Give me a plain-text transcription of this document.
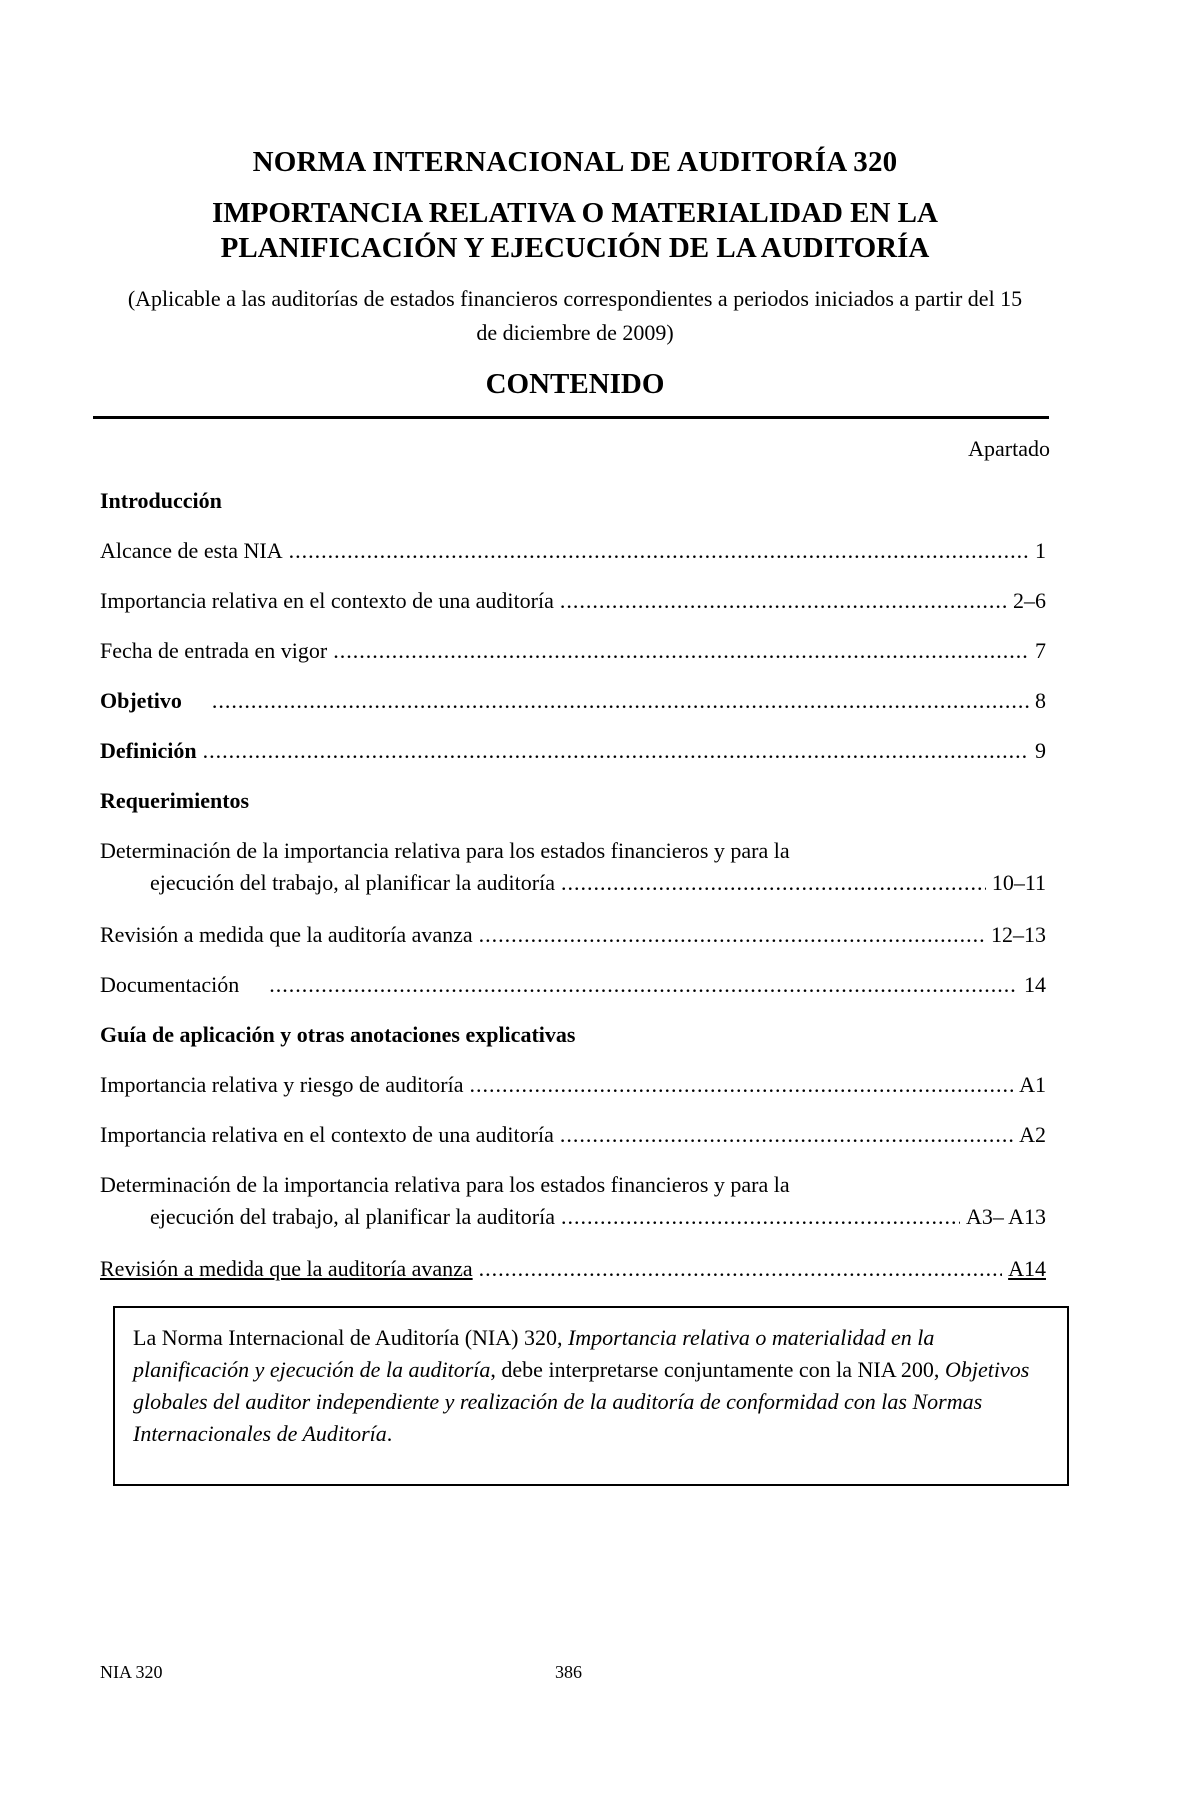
NORMA INTERNACIONAL DE AUDITORÍA 320
IMPORTANCIA RELATIVA O MATERIALIDAD EN LA
PLANIFICACIÓN Y EJECUCIÓN DE LA AUDITORÍA
(Aplicable a las auditorías de estados financieros correspondientes a periodos iniciados a partir del 15 de diciembre de 2009)
CONTENIDO
Apartado
Introducción
Alcance de esta NIA .....	1
Importancia relativa en el contexto de una auditoría .....	2–6
Fecha de entrada en vigor .....	7
Objetivo .....	8
Definición .....	9
Requerimientos
Determinación de la importancia relativa para los estados financieros y para la
ejecución del trabajo, al planificar la auditoría .....	10–11
Revisión a medida que la auditoría avanza .....	12–13
Documentación .....	14
Guía de aplicación y otras anotaciones explicativas
Importancia relativa y riesgo de auditoría .....	A1
Importancia relativa en el contexto de una auditoría .....	A2
Determinación de la importancia relativa para los estados financieros y para la
ejecución del trabajo, al planificar la auditoría .....	A3– A13
Revisión a medida que la auditoría avanza .....	A14
La Norma Internacional de Auditoría (NIA) 320, Importancia relativa o materialidad en la planificación y ejecución de la auditoría, debe interpretarse conjuntamente con la NIA 200, Objetivos globales del auditor independiente y realización de la auditoría de conformidad con las Normas Internacionales de Auditoría.
NIA 320	386
